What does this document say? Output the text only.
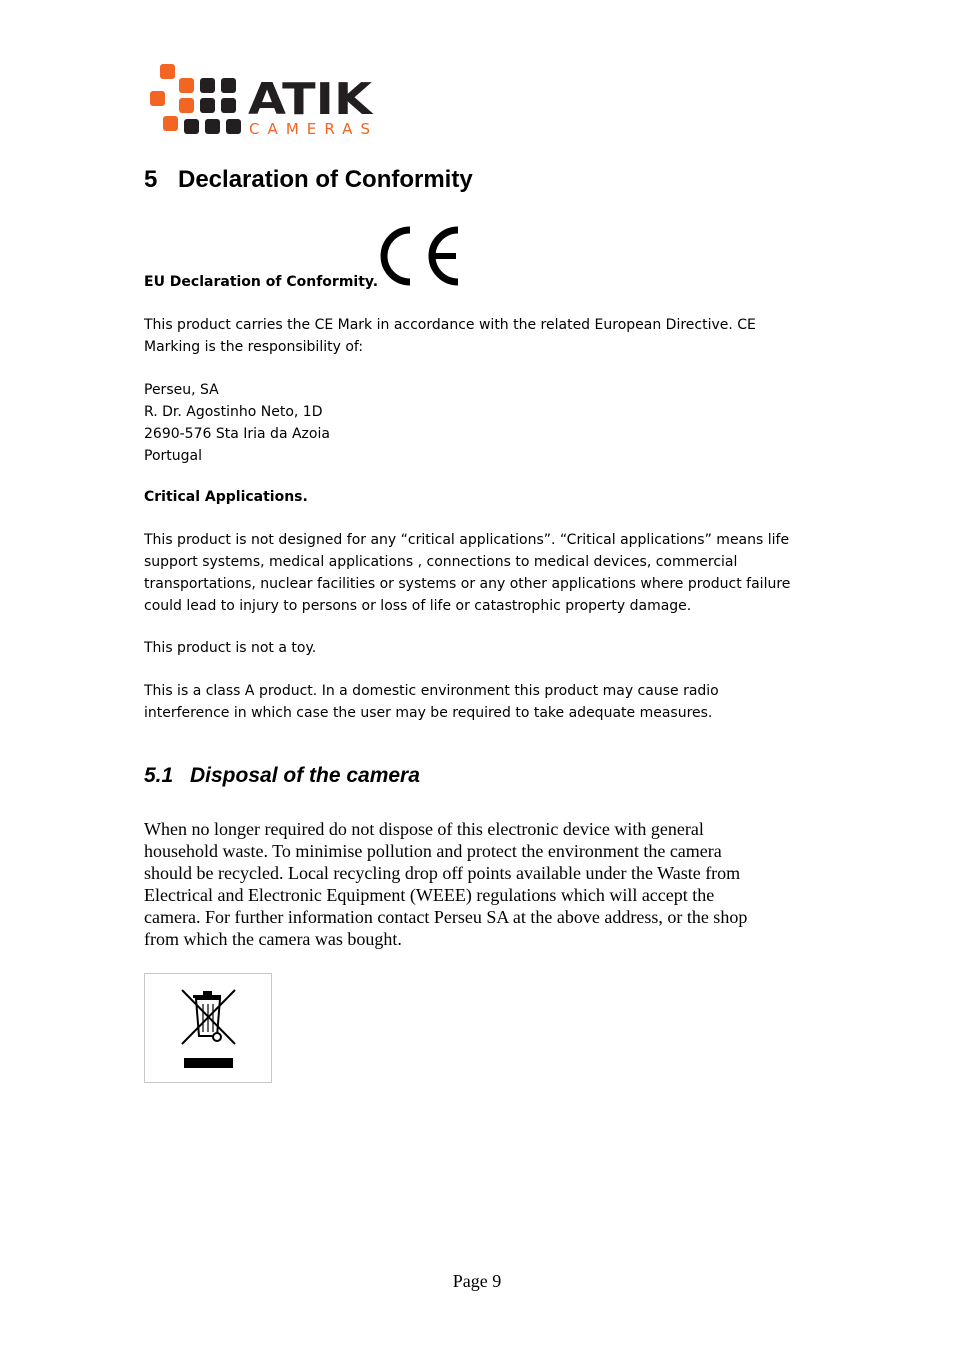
ATIK
CAMERAS
5 Declaration of Conformity

EU Declaration of Conformity.

This product carries the CE Mark in accordance with the related European Directive. CE
Marking is the responsibility of:

Perseu, SA
R. Dr. Agostinho Neto, 1D
2690-576 Sta Iria da Azoia
Portugal

Critical Applications.

This product is not designed for any “critical applications”. “Critical applications” means life
support systems, medical applications , connections to medical devices, commercial
transportations, nuclear facilities or systems or any other applications where product failure
could lead to injury to persons or loss of life or catastrophic property damage.

This product is not a toy.

This is a class A product. In a domestic environment this product may cause radio
interference in which case the user may be required to take adequate measures.

5.1 Disposal of the camera

When no longer required do not dispose of this electronic device with general
household waste. To minimise pollution and protect the environment the camera
should be recycled. Local recycling drop off points available under the Waste from
Electrical and Electronic Equipment (WEEE) regulations which will accept the
camera. For further information contact Perseu SA at the above address, or the shop
from which the camera was bought.

Page 9
